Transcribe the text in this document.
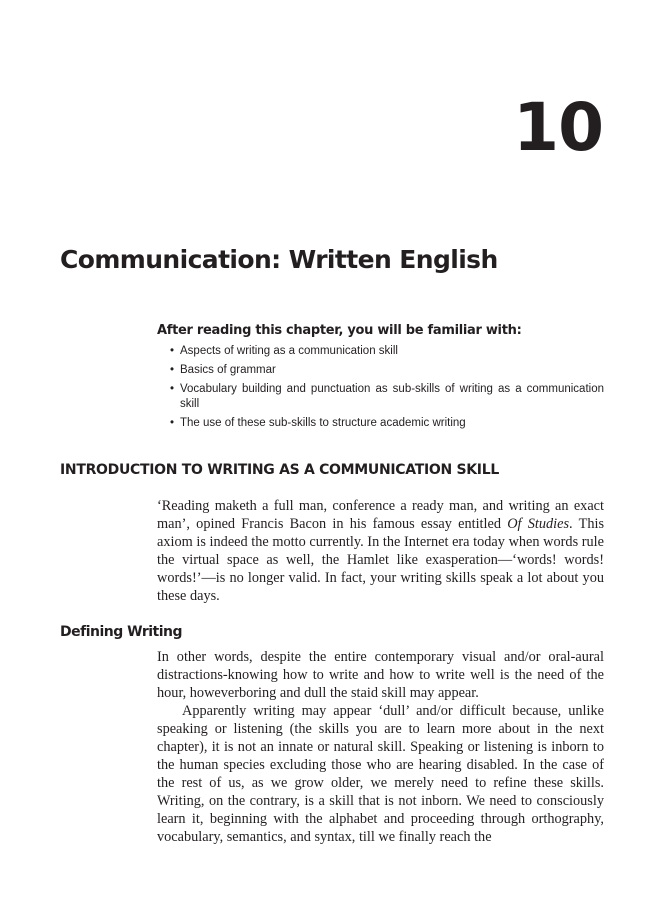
10
Communication: Written English
After reading this chapter, you will be familiar with:
• Aspects of writing as a communication skill
• Basics of grammar
• Vocabulary building and punctuation as sub-skills of writing as a communication skill
• The use of these sub-skills to structure academic writing
INTRODUCTION TO WRITING AS A COMMUNICATION SKILL

‘Reading maketh a full man, conference a ready man, and writing an exact man’, opined Francis Bacon in his famous essay entitled Of Studies. This axiom is indeed the motto currently. In the Internet era today when words rule the virtual space as well, the Hamlet like exasperation—‘words! words! words!’—is no longer valid. In fact, your writing skills speak a lot about you these days.

Defining Writing

In other words, despite the entire contemporary visual and/or oral-aural distractions-knowing how to write and how to write well is the need of the hour, howeverboring and dull the staid skill may appear.

Apparently writing may appear ‘dull’ and/or difficult because, unlike speaking or listening (the skills you are to learn more about in the next chapter), it is not an innate or natural skill. Speaking or listening is inborn to the human species excluding those who are hearing disabled. In the case of the rest of us, as we grow older, we merely need to refine these skills. Writing, on the contrary, is a skill that is not inborn. We need to consciously learn it, beginning with the alphabet and proceeding through orthography, vocabulary, semantics, and syntax, till we finally reach the
